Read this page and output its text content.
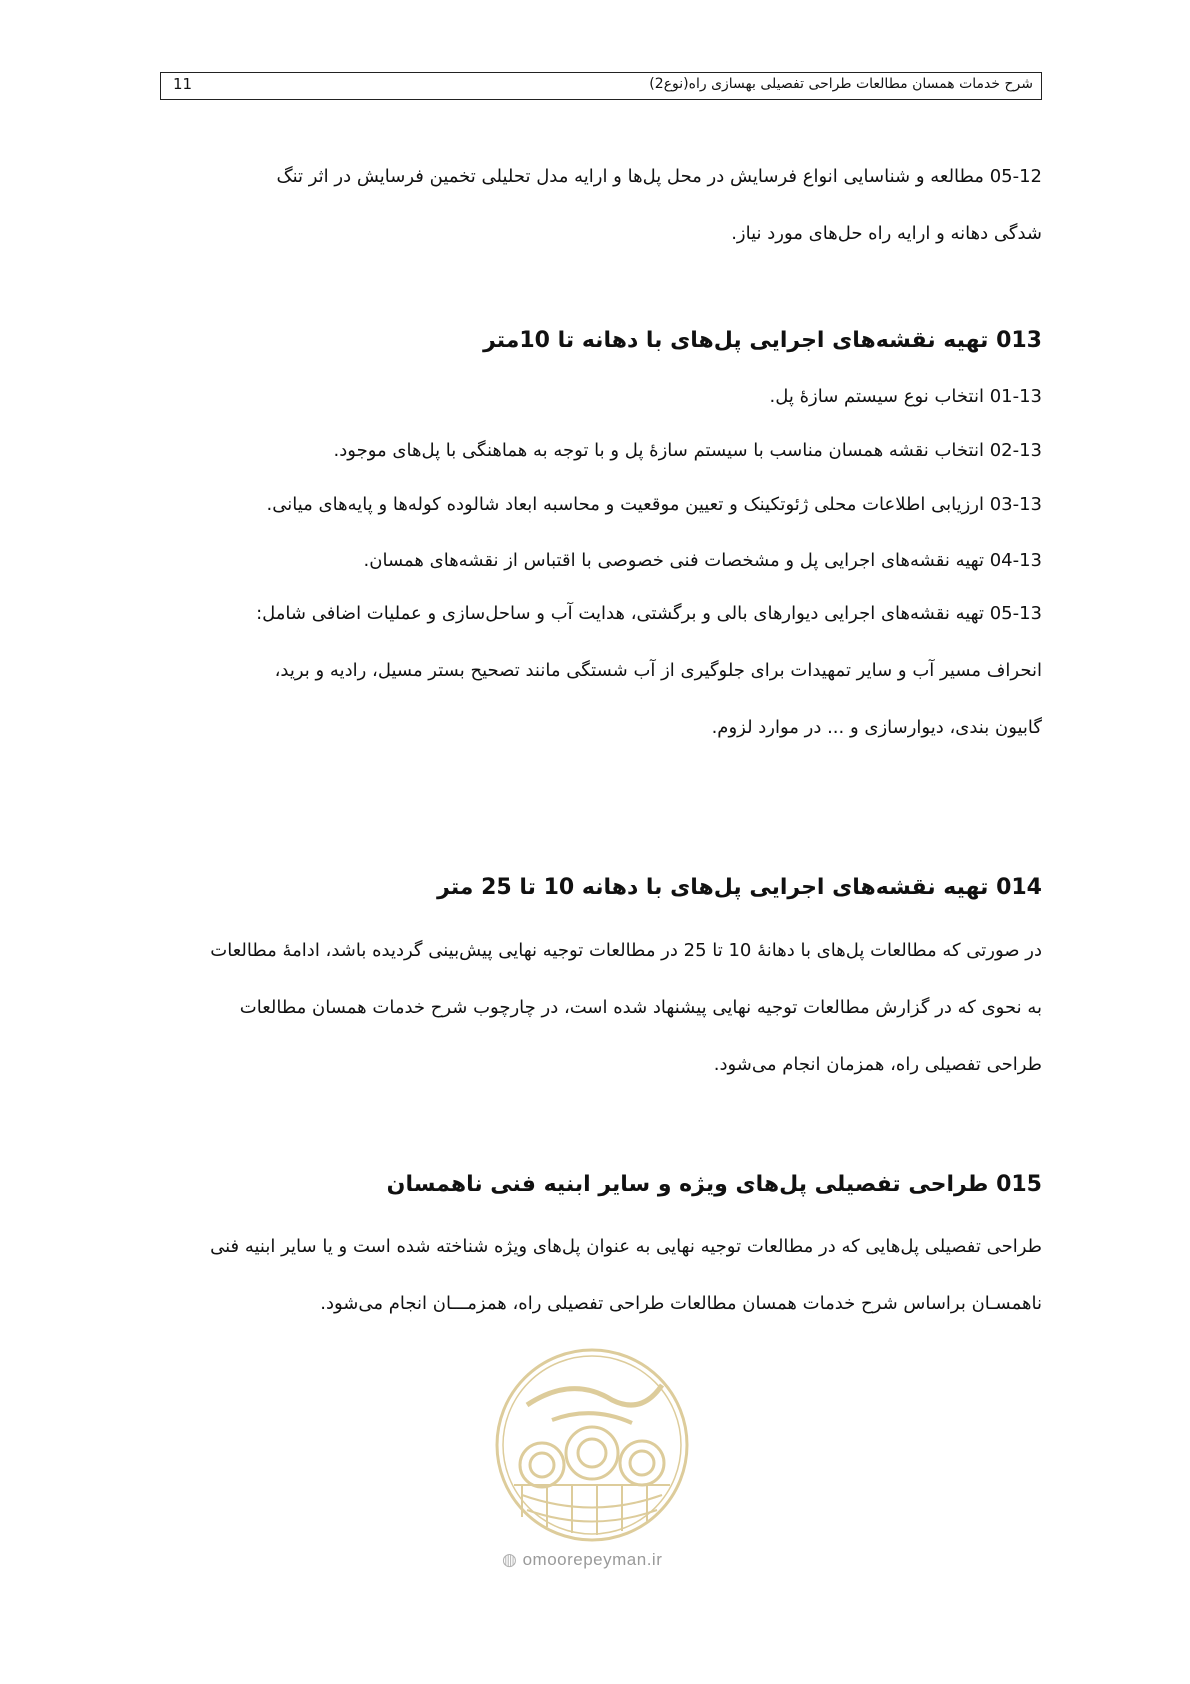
شرح خدمات همسان مطالعات طراحی تفصیلی بهسازی راه(نوع2)
11
05-12 مطالعه و شناسایی انواع فرسایش در محل پل‌ها و ارایه مدل تحلیلی تخمین فرسایش در اثر تنگ
شدگی دهانه و ارایه راه حل‌های مورد نیاز.
013 تهیه نقشه‌های اجرایی پل‌های با دهانه تا 10متر
01-13 انتخاب نوع سیستم سازهٔ پل.
02-13 انتخاب نقشه همسان مناسب با سیستم سازهٔ پل و با توجه به هماهنگی با پل‌های موجود.
03-13 ارزیابی اطلاعات محلی ژئوتکینک و تعیین موقعیت و محاسبه ابعاد شالوده کوله‌ها و پایه‌های میانی.
04-13 تهیه نقشه‌های اجرایی پل و مشخصات فنی خصوصی با اقتباس از نقشه‌های همسان.
05-13 تهیه نقشه‌های اجرایی دیوارهای بالی و برگشتی، هدایت آب و ساحل‌سازی و عملیات اضافی شامل:
انحراف مسیر آب و سایر تمهیدات برای جلوگیری از آب شستگی مانند تصحیح بستر مسیل، رادیه و برید،
گابیون بندی، دیوارسازی و ... در موارد لزوم.
014 تهیه نقشه‌های اجرایی پل‌های با دهانه 10 تا 25 متر
در صورتی که مطالعات پل‌های با دهانهٔ 10 تا 25 در مطالعات توجیه نهایی پیش‌بینی گردیده باشد، ادامهٔ مطالعات
به نحوی که در گزارش مطالعات توجیه نهایی پیشنهاد شده است، در چارچوب شرح خدمات همسان مطالعات
طراحی تفصیلی راه، همزمان انجام می‌شود.
015 طراحی تفصیلی پل‌های ویژه و سایر ابنیه فنی ناهمسان
طراحی تفصیلی پل‌هایی که در مطالعات توجیه نهایی به عنوان پل‌های ویژه شناخته شده است و یا سایر ابنیه فنی
ناهمسـان براساس شرح خدمات همسان مطالعات طراحی تفصیلی راه، همزمـــان انجام می‌شود.
◍ omoorepeyman.ir
